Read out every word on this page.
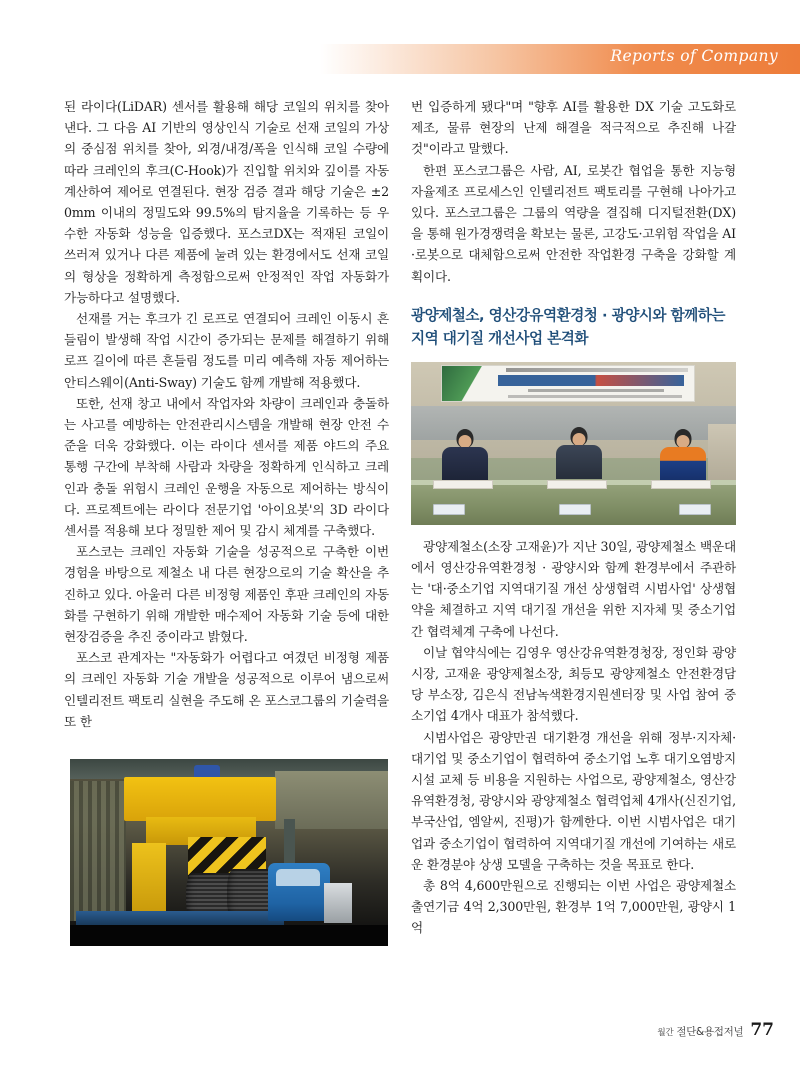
Reports of Company

된 라이다(LiDAR) 센서를 활용해 해당 코일의 위치를 찾아낸다. 그 다음 AI 기반의 영상인식 기술로 선재 코일의 가상의 중심점 위치를 찾아, 외경/내경/폭을 인식해 코일 수량에 따라 크레인의 후크(C-Hook)가 진입할 위치와 깊이를 자동 계산하여 제어로 연결된다. 현장 검증 결과 해당 기술은 ±20mm 이내의 정밀도와 99.5%의 탐지율을 기록하는 등 우수한 자동화 성능을 입증했다. 포스코DX는 적재된 코일이 쓰러져 있거나 다른 제품에 눌려 있는 환경에서도 선재 코일의 형상을 정확하게 측정함으로써 안정적인 작업 자동화가 가능하다고 설명했다.

선재를 거는 후크가 긴 로프로 연결되어 크레인 이동시 흔들림이 발생해 작업 시간이 증가되는 문제를 해결하기 위해 로프 길이에 따른 흔들림 정도를 미리 예측해 자동 제어하는 안티스웨이(Anti-Sway) 기술도 함께 개발해 적용했다.

또한, 선재 창고 내에서 작업자와 차량이 크레인과 충돌하는 사고를 예방하는 안전관리시스템을 개발해 현장 안전 수준을 더욱 강화했다. 이는 라이다 센서를 제품 야드의 주요 통행 구간에 부착해 사람과 차량을 정확하게 인식하고 크레인과 충돌 위험시 크레인 운행을 자동으로 제어하는 방식이다. 프로젝트에는 라이다 전문기업 '아이요봇'의 3D 라이다 센서를 적용해 보다 정밀한 제어 및 감시 체계를 구축했다.

포스코는 크레인 자동화 기술을 성공적으로 구축한 이번 경험을 바탕으로 제철소 내 다른 현장으로의 기술 확산을 추진하고 있다. 아울러 다른 비정형 제품인 후판 크레인의 자동화를 구현하기 위해 개발한 매수제어 자동화 기술 등에 대한 현장검증을 추진 중이라고 밝혔다.

포스코 관계자는 "자동화가 어렵다고 여겼던 비정형 제품의 크레인 자동화 기술 개발을 성공적으로 이루어 냄으로써 인텔리전트 팩토리 실현을 주도해 온 포스코그룹의 기술력을 또 한

번 입증하게 됐다"며 "향후 AI를 활용한 DX 기술 고도화로 제조, 물류 현장의 난제 해결을 적극적으로 추진해 나갈 것"이라고 말했다.

한편 포스코그룹은 사람, AI, 로봇간 협업을 통한 지능형 자율제조 프로세스인 인텔리전트 팩토리를 구현해 나아가고 있다. 포스코그룹은 그룹의 역량을 결집해 디지털전환(DX)을 통해 원가경쟁력을 확보는 물론, 고강도·고위험 작업을 AI·로봇으로 대체함으로써 안전한 작업환경 구축을 강화할 계획이다.

광양제철소, 영산강유역환경청 · 광양시와 함께하는 지역 대기질 개선사업 본격화

광양제철소(소장 고재윤)가 지난 30일, 광양제철소 백운대에서 영산강유역환경청 · 광양시와 함께 환경부에서 주관하는 '대·중소기업 지역대기질 개선 상생협력 시범사업' 상생협약을 체결하고 지역 대기질 개선을 위한 지자체 및 중소기업 간 협력체계 구축에 나선다.

이날 협약식에는 김영우 영산강유역환경청장, 정인화 광양시장, 고재윤 광양제철소장, 최등모 광양제철소 안전환경담당 부소장, 김은식 전남녹색환경지원센터장 및 사업 참여 중소기업 4개사 대표가 참석했다.

시범사업은 광양만권 대기환경 개선을 위해 정부·지자체·대기업 및 중소기업이 협력하여 중소기업 노후 대기오염방지시설 교체 등 비용을 지원하는 사업으로, 광양제철소, 영산강유역환경청, 광양시와 광양제철소 협력업체 4개사(신진기업, 부국산업, 엠알씨, 진평)가 함께한다. 이번 시범사업은 대기업과 중소기업이 협력하여 지역대기질 개선에 기여하는 새로운 환경분야 상생 모델을 구축하는 것을 목표로 한다.

총 8억 4,600만원으로 진행되는 이번 사업은 광양제철소 출연기금 4억 2,300만원, 환경부 1억 7,000만원, 광양시 1억

월간 절단&용접저널 77
